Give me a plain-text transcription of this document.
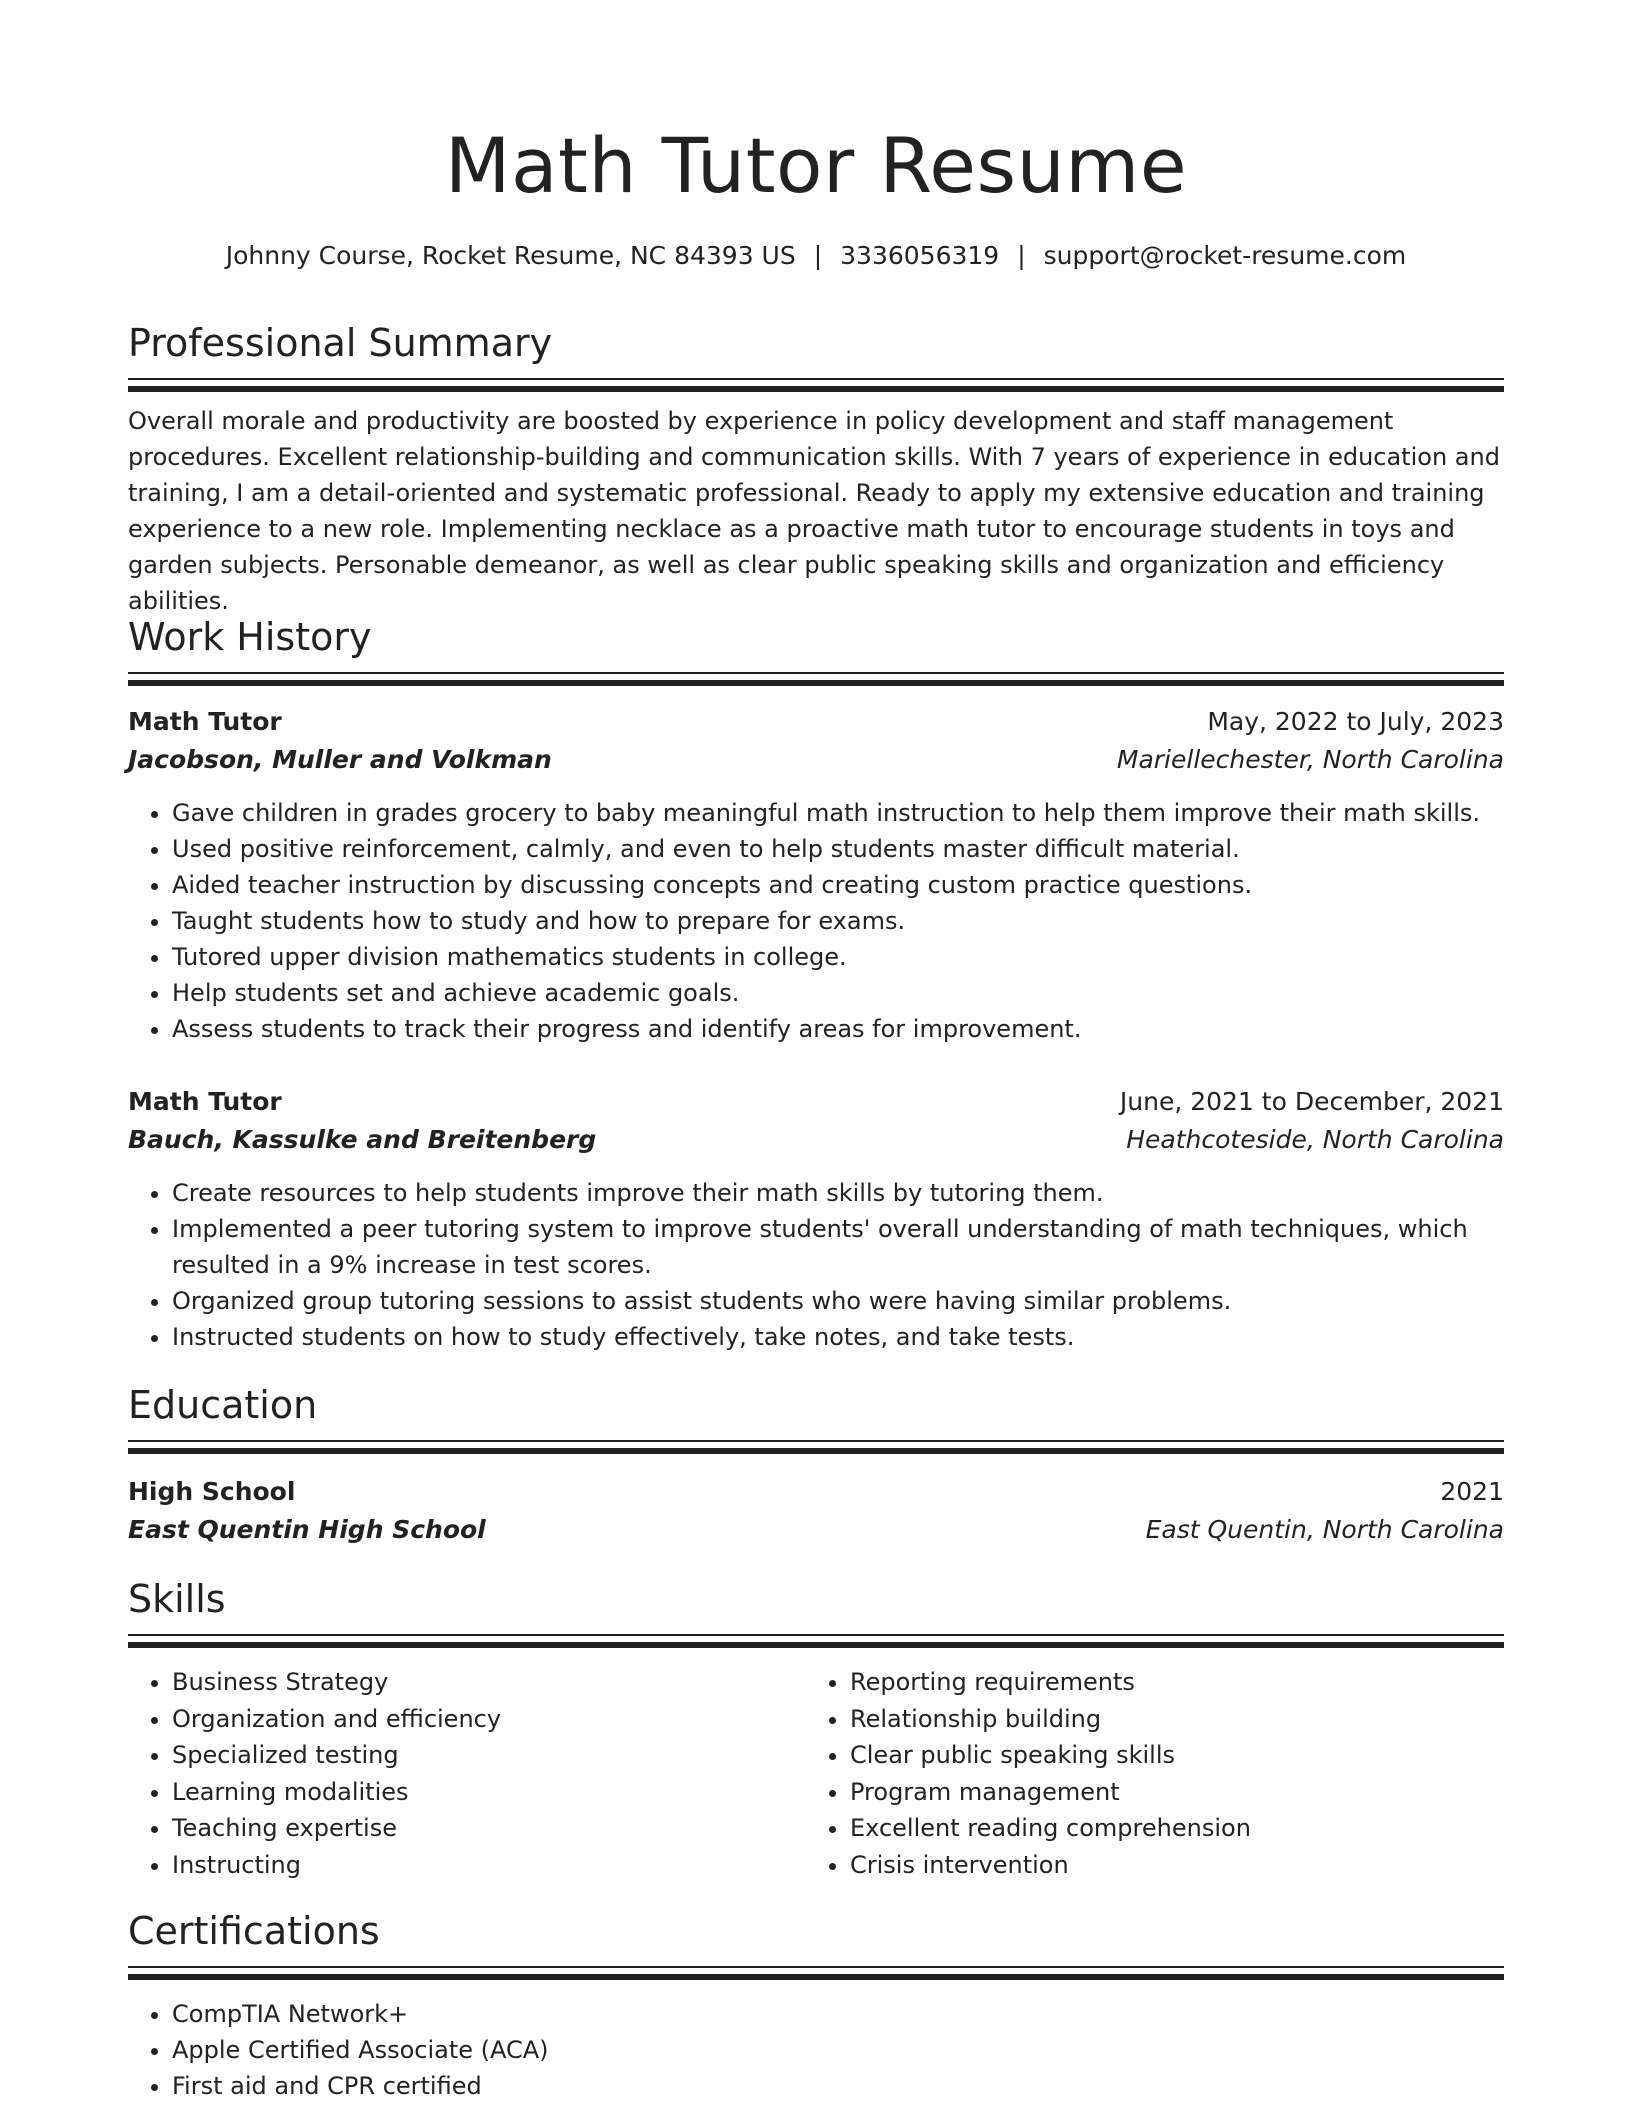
Math Tutor Resume
Johnny Course, Rocket Resume, NC 84393 US | 3336056319 | support@rocket-resume.com
Professional Summary

Overall morale and productivity are boosted by experience in policy development and staff management procedures. Excellent relationship-building and communication skills. With 7 years of experience in education and training, I am a detail-oriented and systematic professional. Ready to apply my extensive education and training experience to a new role. Implementing necklace as a proactive math tutor to encourage students in toys and garden subjects. Personable demeanor, as well as clear public speaking skills and organization and efficiency abilities.

Work History
Math Tutor	May, 2022 to July, 2023
Jacobson, Muller and Volkman	Mariellechester, North Carolina
• Gave children in grades grocery to baby meaningful math instruction to help them improve their math skills.
• Used positive reinforcement, calmly, and even to help students master difficult material.
• Aided teacher instruction by discussing concepts and creating custom practice questions.
• Taught students how to study and how to prepare for exams.
• Tutored upper division mathematics students in college.
• Help students set and achieve academic goals.
• Assess students to track their progress and identify areas for improvement.
Math Tutor	June, 2021 to December, 2021
Bauch, Kassulke and Breitenberg	Heathcoteside, North Carolina
• Create resources to help students improve their math skills by tutoring them.
• Implemented a peer tutoring system to improve students' overall understanding of math techniques, which resulted in a 9% increase in test scores.
• Organized group tutoring sessions to assist students who were having similar problems.
• Instructed students on how to study effectively, take notes, and take tests.
Education
High School	2021
East Quentin High School	East Quentin, North Carolina
Skills
• Business Strategy
• Organization and efficiency
• Specialized testing
• Learning modalities
• Teaching expertise
• Instructing
• Reporting requirements
• Relationship building
• Clear public speaking skills
• Program management
• Excellent reading comprehension
• Crisis intervention
Certifications
• CompTIA Network+
• Apple Certified Associate (ACA)
• First aid and CPR certified
